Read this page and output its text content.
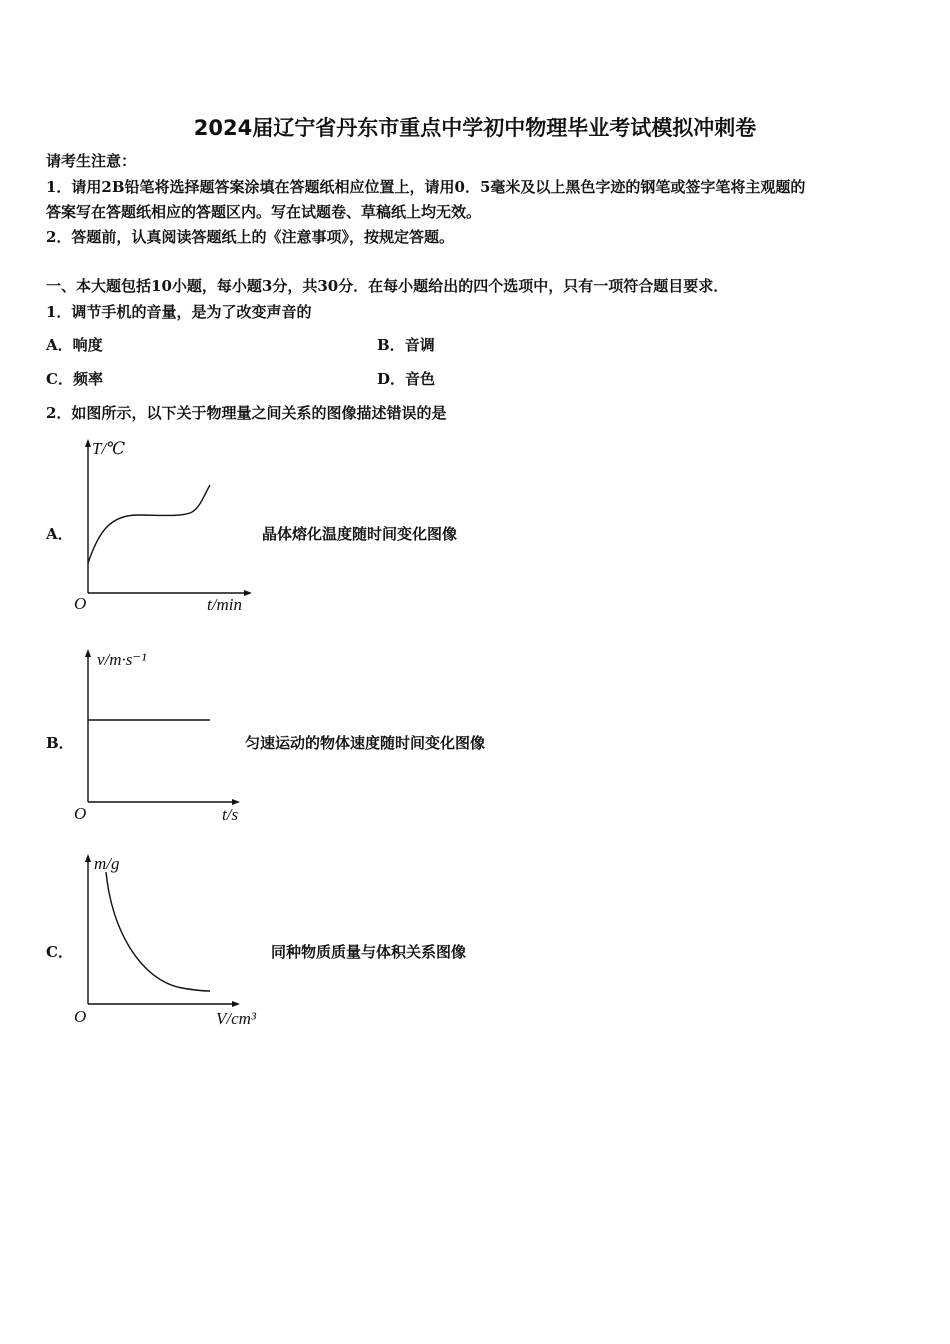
2024届辽宁省丹东市重点中学初中物理毕业考试模拟冲刺卷
请考生注意：
1．请用2B铅笔将选择题答案涂填在答题纸相应位置上，请用0．5毫米及以上黑色字迹的钢笔或签字笔将主观题的
答案写在答题纸相应的答题区内。写在试题卷、草稿纸上均无效。
2．答题前，认真阅读答题纸上的《注意事项》，按规定答题。
一、本大题包括10小题，每小题3分，共30分．在每小题给出的四个选项中，只有一项符合题目要求．
1．调节手机的音量，是为了改变声音的
A．响度	B．音调
C．频率	D．音色
2．如图所示，以下关于物理量之间关系的图像描述错误的是
A．
T/℃
O	t/min
晶体熔化温度随时间变化图像
B．
v/m·s⁻¹
O	t/s
匀速运动的物体速度随时间变化图像
C．
m/g
O	V/cm³
同种物质质量与体积关系图像
